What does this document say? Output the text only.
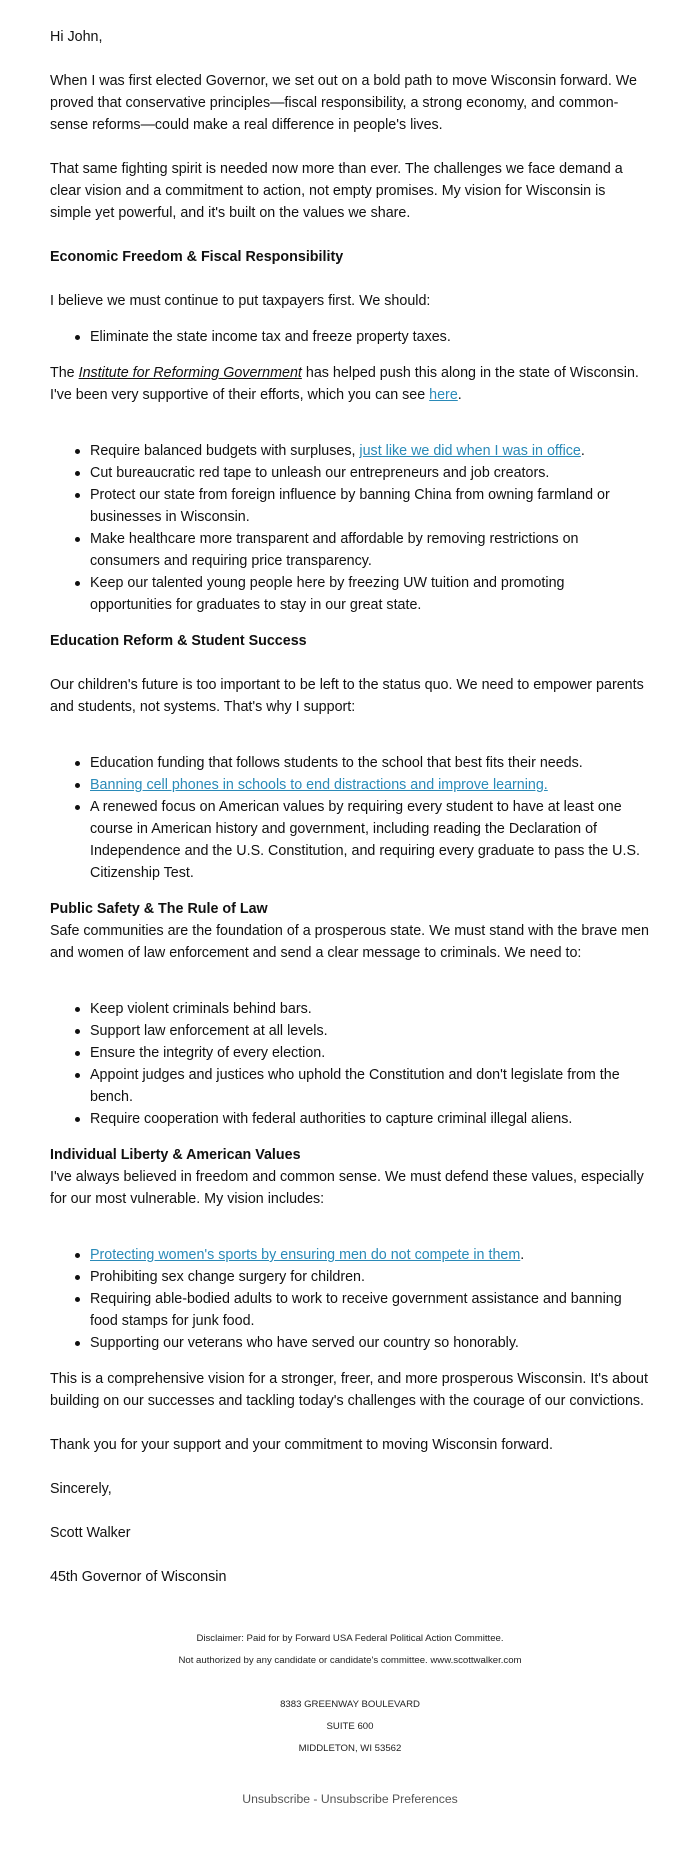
Hi John,

When I was first elected Governor, we set out on a bold path to move Wisconsin forward. We proved that conservative principles—fiscal responsibility, a strong economy, and common-sense reforms—could make a real difference in people's lives.

That same fighting spirit is needed now more than ever. The challenges we face demand a clear vision and a commitment to action, not empty promises. My vision for Wisconsin is simple yet powerful, and it's built on the values we share.

Economic Freedom & Fiscal Responsibility

I believe we must continue to put taxpayers first. We should:

Eliminate the state income tax and freeze property taxes.

The Institute for Reforming Government has helped push this along in the state of Wisconsin. I've been very supportive of their efforts, which you can see here.

Require balanced budgets with surpluses, just like we did when I was in office.
Cut bureaucratic red tape to unleash our entrepreneurs and job creators.
Protect our state from foreign influence by banning China from owning farmland or businesses in Wisconsin.
Make healthcare more transparent and affordable by removing restrictions on consumers and requiring price transparency.
Keep our talented young people here by freezing UW tuition and promoting opportunities for graduates to stay in our great state.

Education Reform & Student Success

Our children's future is too important to be left to the status quo. We need to empower parents and students, not systems. That's why I support:

Education funding that follows students to the school that best fits their needs.
Banning cell phones in schools to end distractions and improve learning.
A renewed focus on American values by requiring every student to have at least one course in American history and government, including reading the Declaration of Independence and the U.S. Constitution, and requiring every graduate to pass the U.S. Citizenship Test.

Public Safety & The Rule of Law

Safe communities are the foundation of a prosperous state. We must stand with the brave men and women of law enforcement and send a clear message to criminals. We need to:

Keep violent criminals behind bars.
Support law enforcement at all levels.
Ensure the integrity of every election.
Appoint judges and justices who uphold the Constitution and don't legislate from the bench.
Require cooperation with federal authorities to capture criminal illegal aliens.

Individual Liberty & American Values

I've always believed in freedom and common sense. We must defend these values, especially for our most vulnerable. My vision includes:

Protecting women's sports by ensuring men do not compete in them.
Prohibiting sex change surgery for children.
Requiring able-bodied adults to work to receive government assistance and banning food stamps for junk food.
Supporting our veterans who have served our country so honorably.

This is a comprehensive vision for a stronger, freer, and more prosperous Wisconsin. It's about building on our successes and tackling today's challenges with the courage of our convictions.

Thank you for your support and your commitment to moving Wisconsin forward.

Sincerely,

Scott Walker

45th Governor of Wisconsin

Disclaimer: Paid for by Forward USA Federal Political Action Committee.
Not authorized by any candidate or candidate's committee. www.scottwalker.com
8383 GREENWAY BOULEVARD
SUITE 600
MIDDLETON, WI 53562
Unsubscribe - Unsubscribe Preferences
